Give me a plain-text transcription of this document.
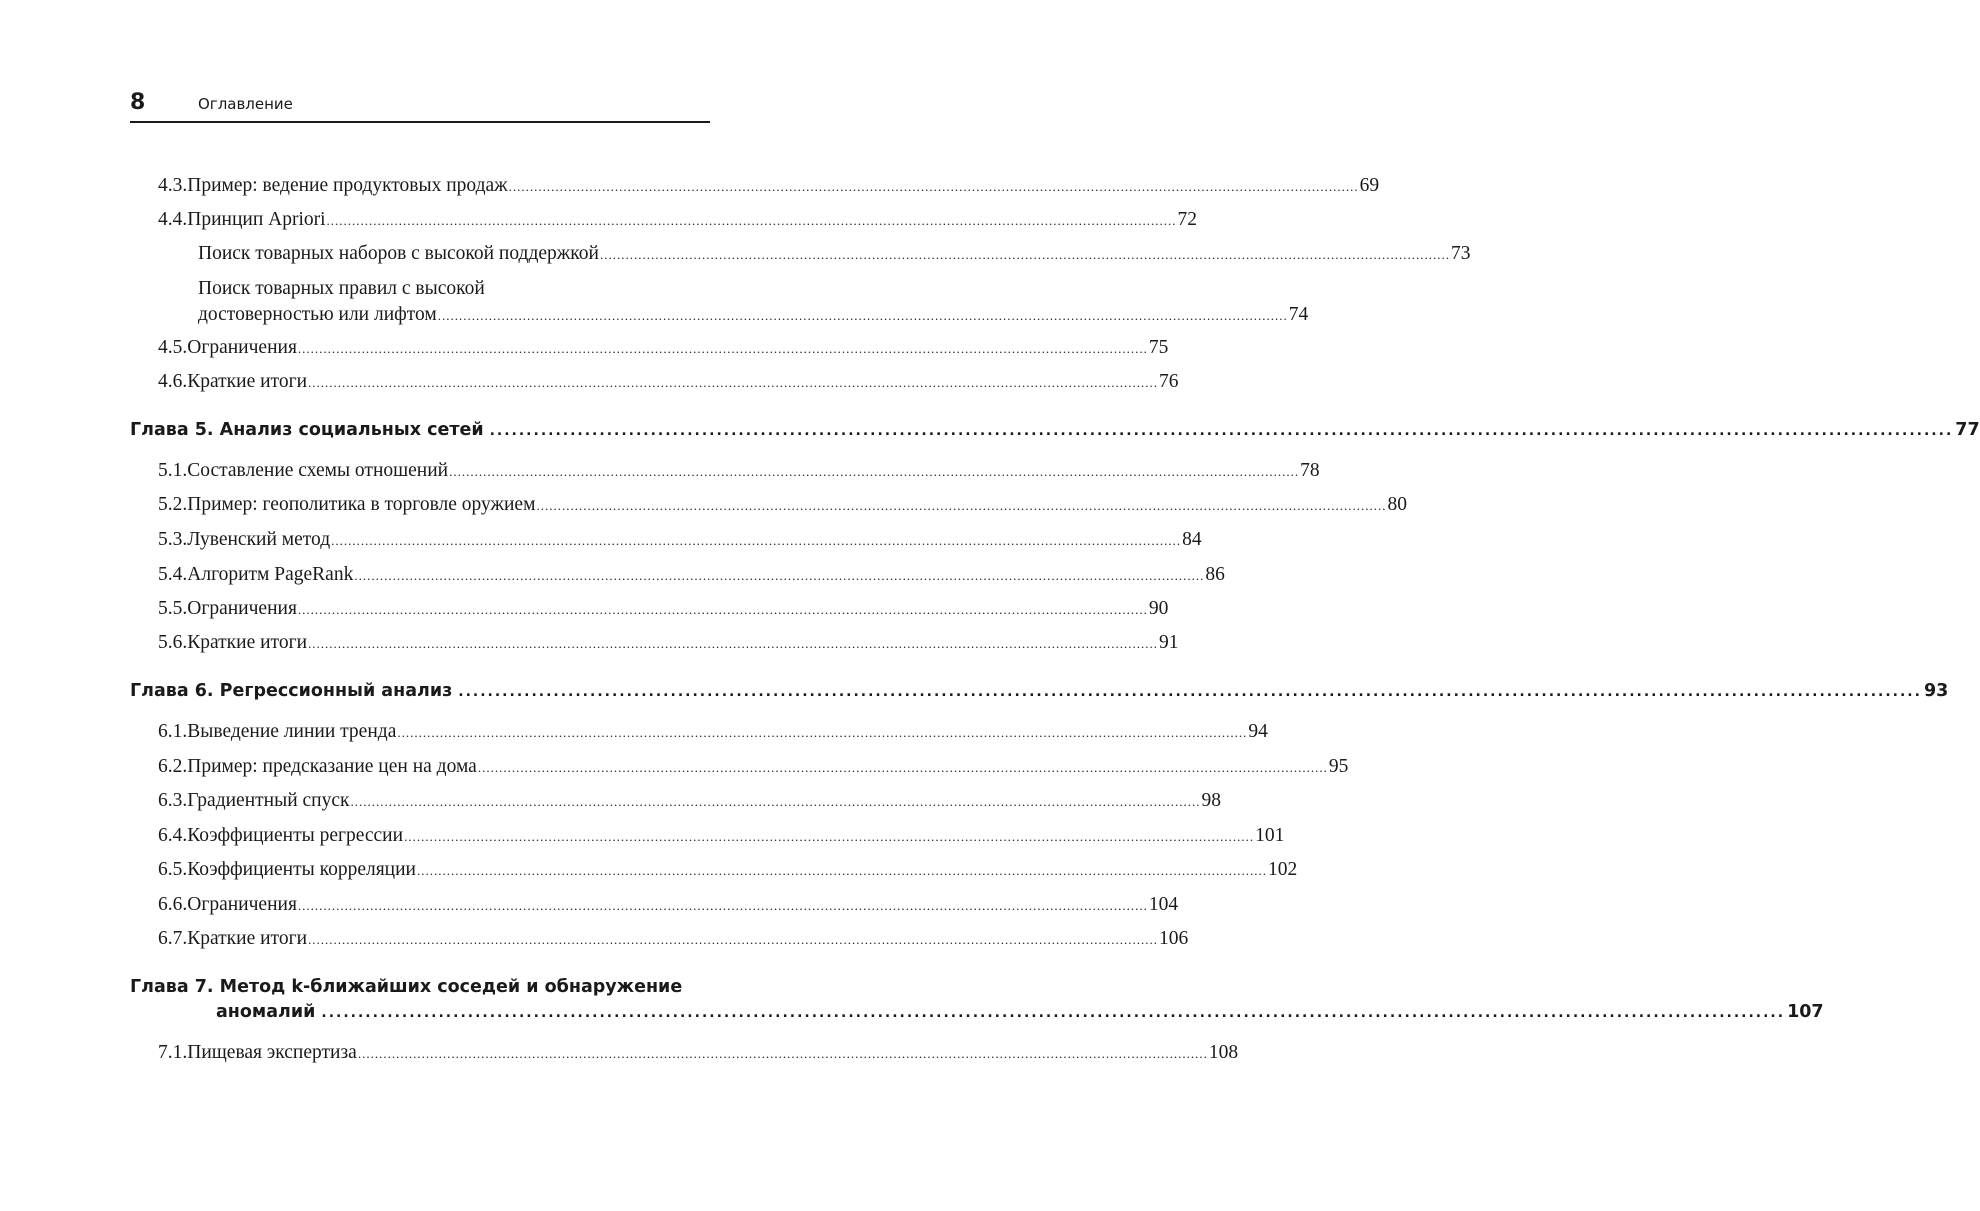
8	Оглавление
4.3. Пример: ведение продуктовых продаж ........................................................................................................................................................................................................ 69
4.4. Принцип Apriori ........................................................................................................................................................................................................ 72
Поиск товарных наборов с высокой поддержкой ........................................................................................................................................................................................................ 73
Поиск товарных правил с высокой
достоверностью или лифтом ........................................................................................................................................................................................................ 74
4.5. Ограничения ........................................................................................................................................................................................................ 75
4.6. Краткие итоги ........................................................................................................................................................................................................ 76
Глава 5. Анализ социальных сетей ........................................................................................................................................................................................................ 77
5.1. Составление схемы отношений ........................................................................................................................................................................................................ 78
5.2. Пример: геополитика в торговле оружием ........................................................................................................................................................................................................ 80
5.3. Лувенский метод ........................................................................................................................................................................................................ 84
5.4. Алгоритм PageRank ........................................................................................................................................................................................................ 86
5.5. Ограничения ........................................................................................................................................................................................................ 90
5.6. Краткие итоги ........................................................................................................................................................................................................ 91
Глава 6. Регрессионный анализ ........................................................................................................................................................................................................ 93
6.1. Выведение линии тренда ........................................................................................................................................................................................................ 94
6.2. Пример: предсказание цен на дома ........................................................................................................................................................................................................ 95
6.3. Градиентный спуск ........................................................................................................................................................................................................ 98
6.4. Коэффициенты регрессии ........................................................................................................................................................................................................ 101
6.5. Коэффициенты корреляции ........................................................................................................................................................................................................ 102
6.6. Ограничения ........................................................................................................................................................................................................ 104
6.7. Краткие итоги ........................................................................................................................................................................................................ 106
Глава 7. Метод k-ближайших соседей и обнаружение
аномалий ........................................................................................................................................................................................................ 107
7.1. Пищевая экспертиза ........................................................................................................................................................................................................ 108
